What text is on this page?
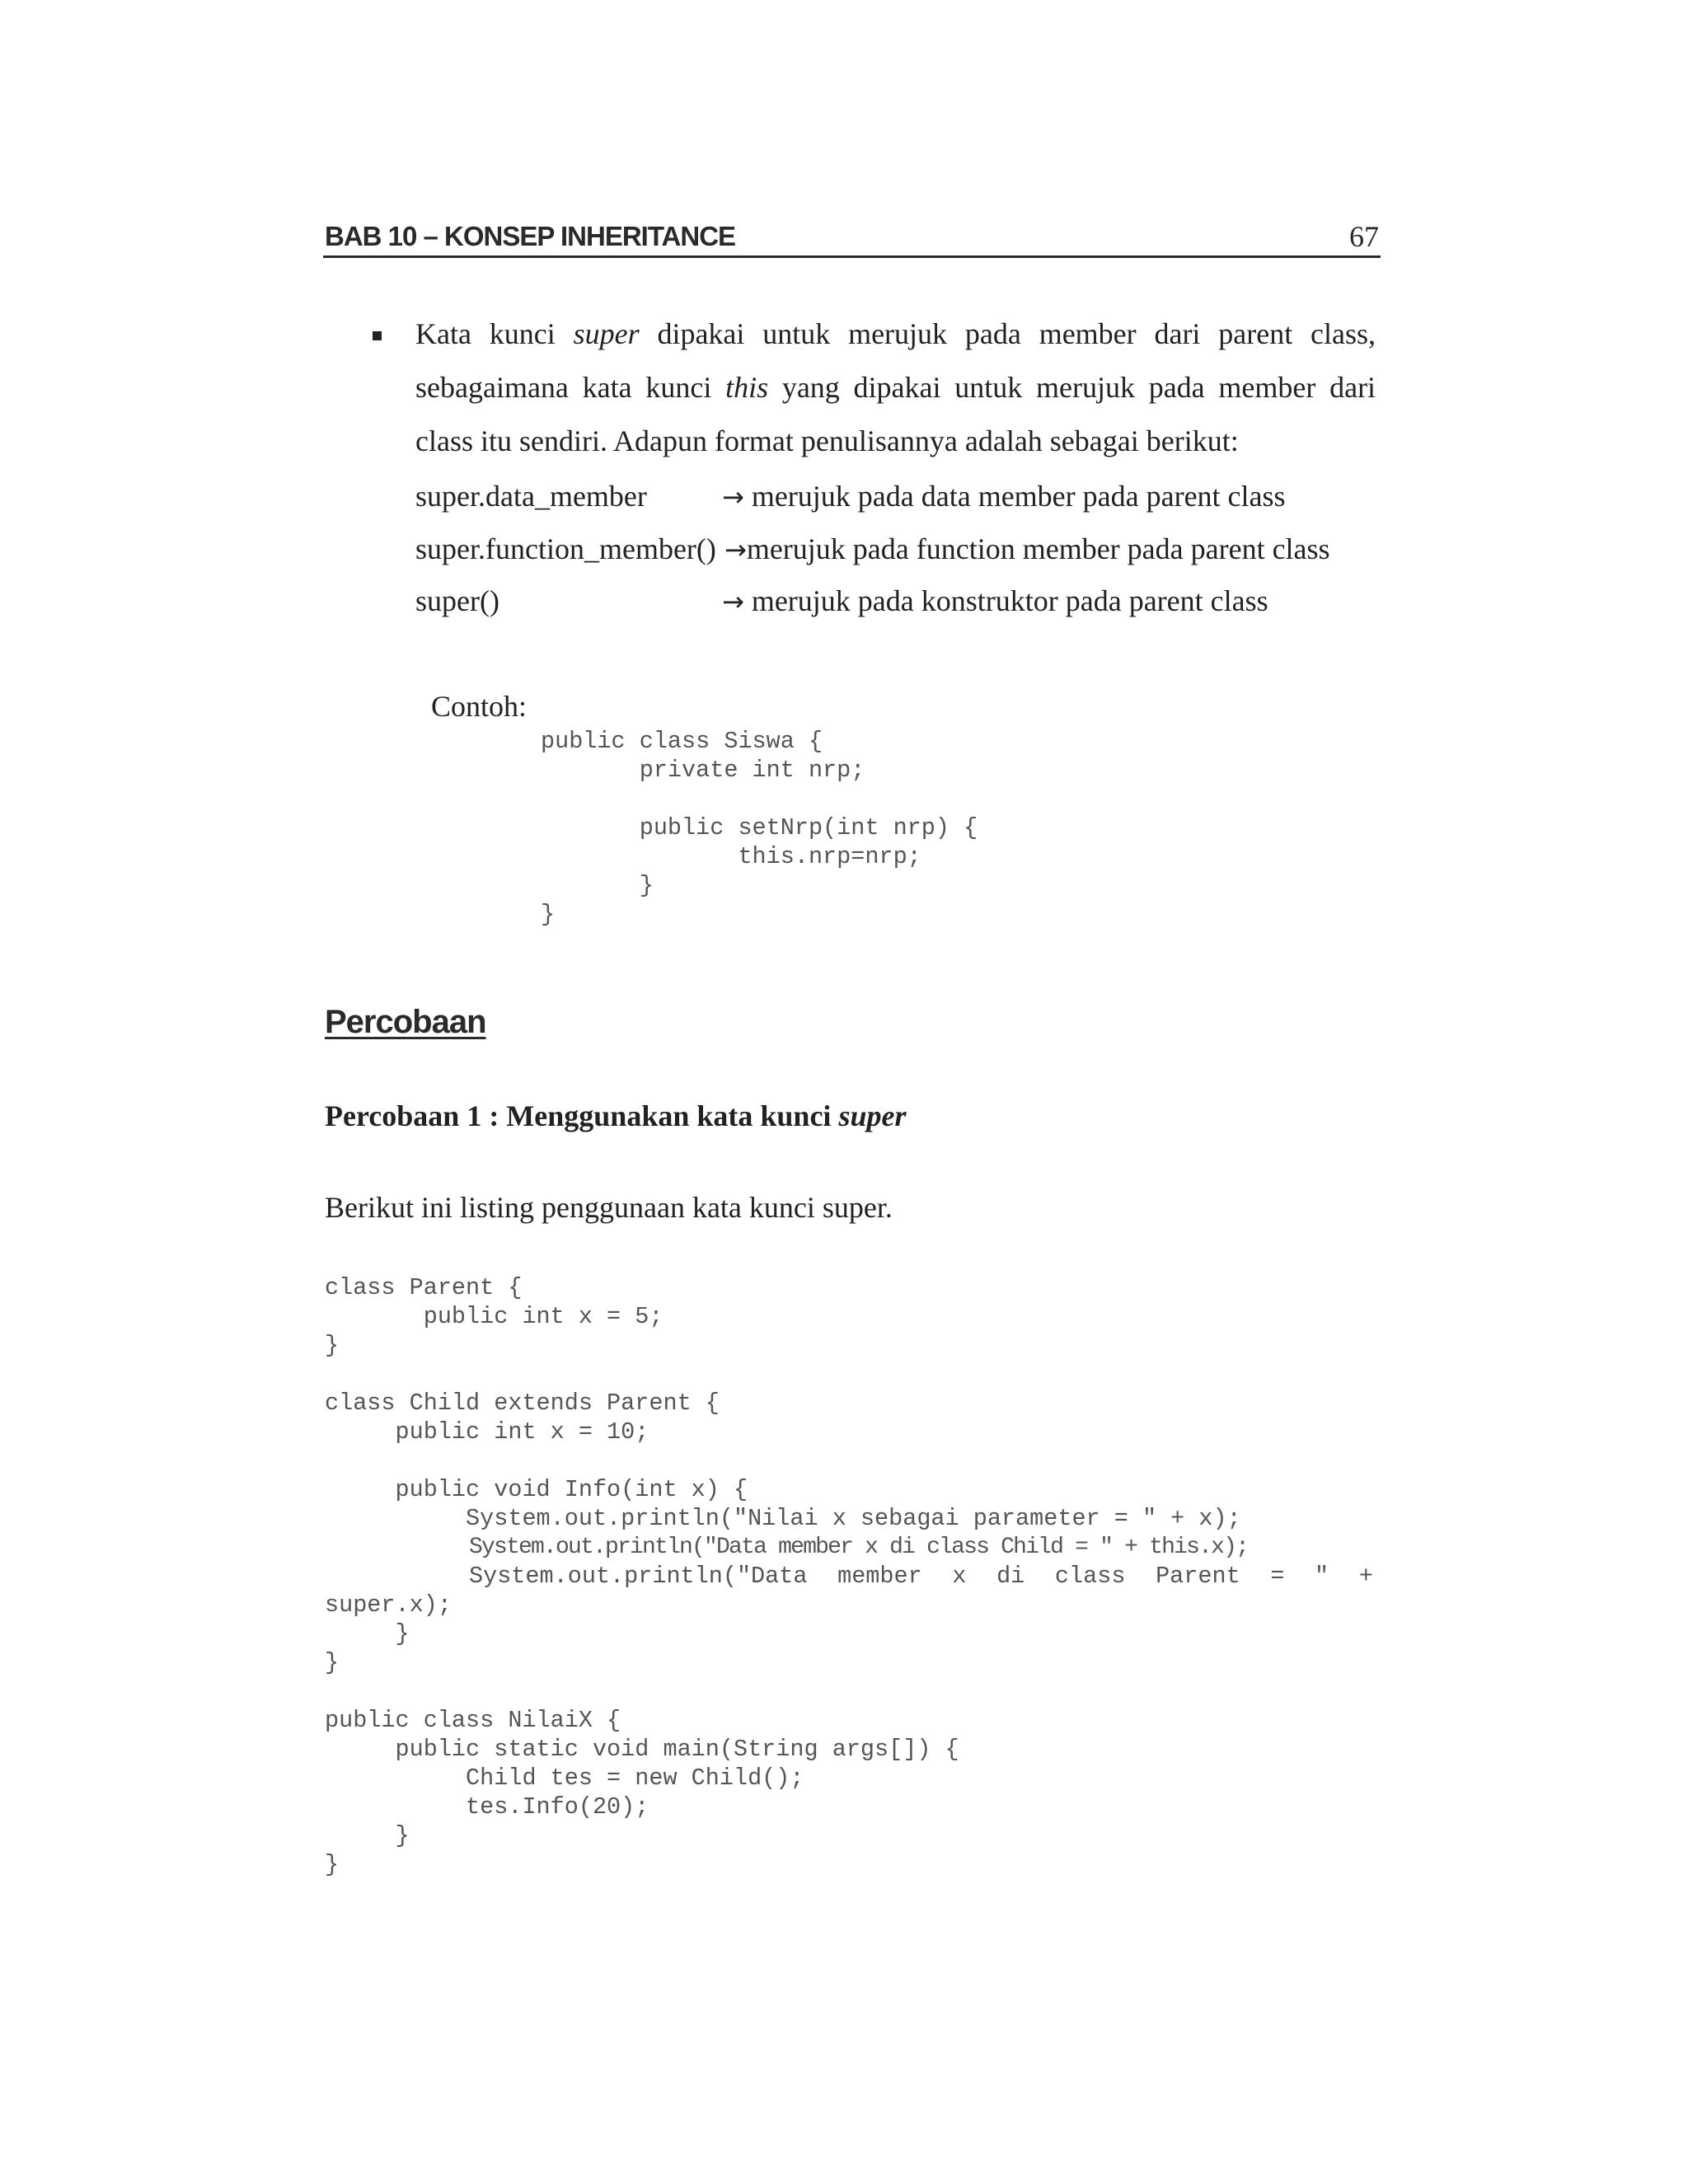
BAB 10 – KONSEP INHERITANCE	67
Kata kunci super dipakai untuk merujuk pada member dari parent class,
sebagaimana kata kunci this yang dipakai untuk merujuk pada member dari
class itu sendiri. Adapun format penulisannya adalah sebagai berikut:
super.data_member	→ merujuk pada data member pada parent class
super.function_member() →merujuk pada function member pada parent class
super()	→ merujuk pada konstruktor pada parent class
Contoh:
public class Siswa {
private int nrp;

public setNrp(int nrp) {
this.nrp=nrp;
}
}
Percobaan
Percobaan 1 : Menggunakan kata kunci super
Berikut ini listing penggunaan kata kunci super.
class Parent {
public int x = 5;
}
class Child extends Parent {
public int x = 10;

public void Info(int x) {
System.out.println("Nilai x sebagai parameter = " + x);
System.out.println("Data member x di class Child = " + this.x);
System.out.println("Data member x di class Parent = " +
super.x);
}
}
public class NilaiX {
public static void main(String args[]) {
Child tes = new Child();
tes.Info(20);
}
}
